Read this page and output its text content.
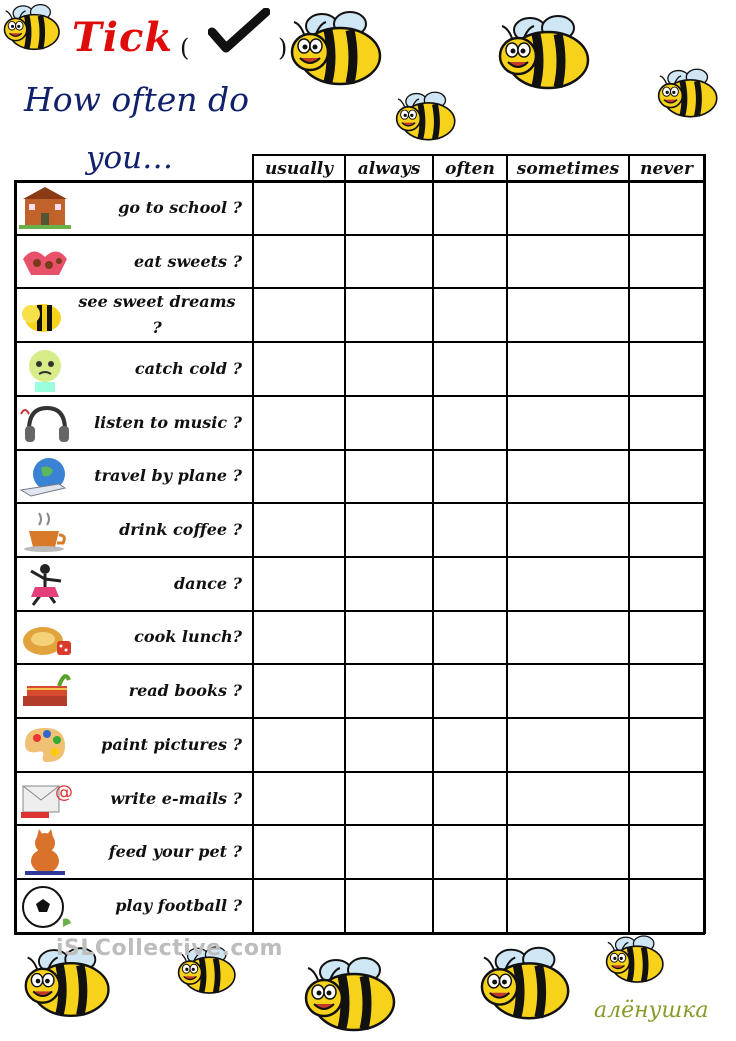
Tick (	)
How often do
you…	usually	always	often	sometimes	never
go to school ?
eat sweets ?
see sweet dreams ?
catch cold ?
listen to music ?
travel by plane ?
drink coffee ?
dance ?
cook lunch?
read books ?
paint pictures ?
@	write e-mails ?
feed your pet ?
play football ?
iSLCollective.com
алёнушка
